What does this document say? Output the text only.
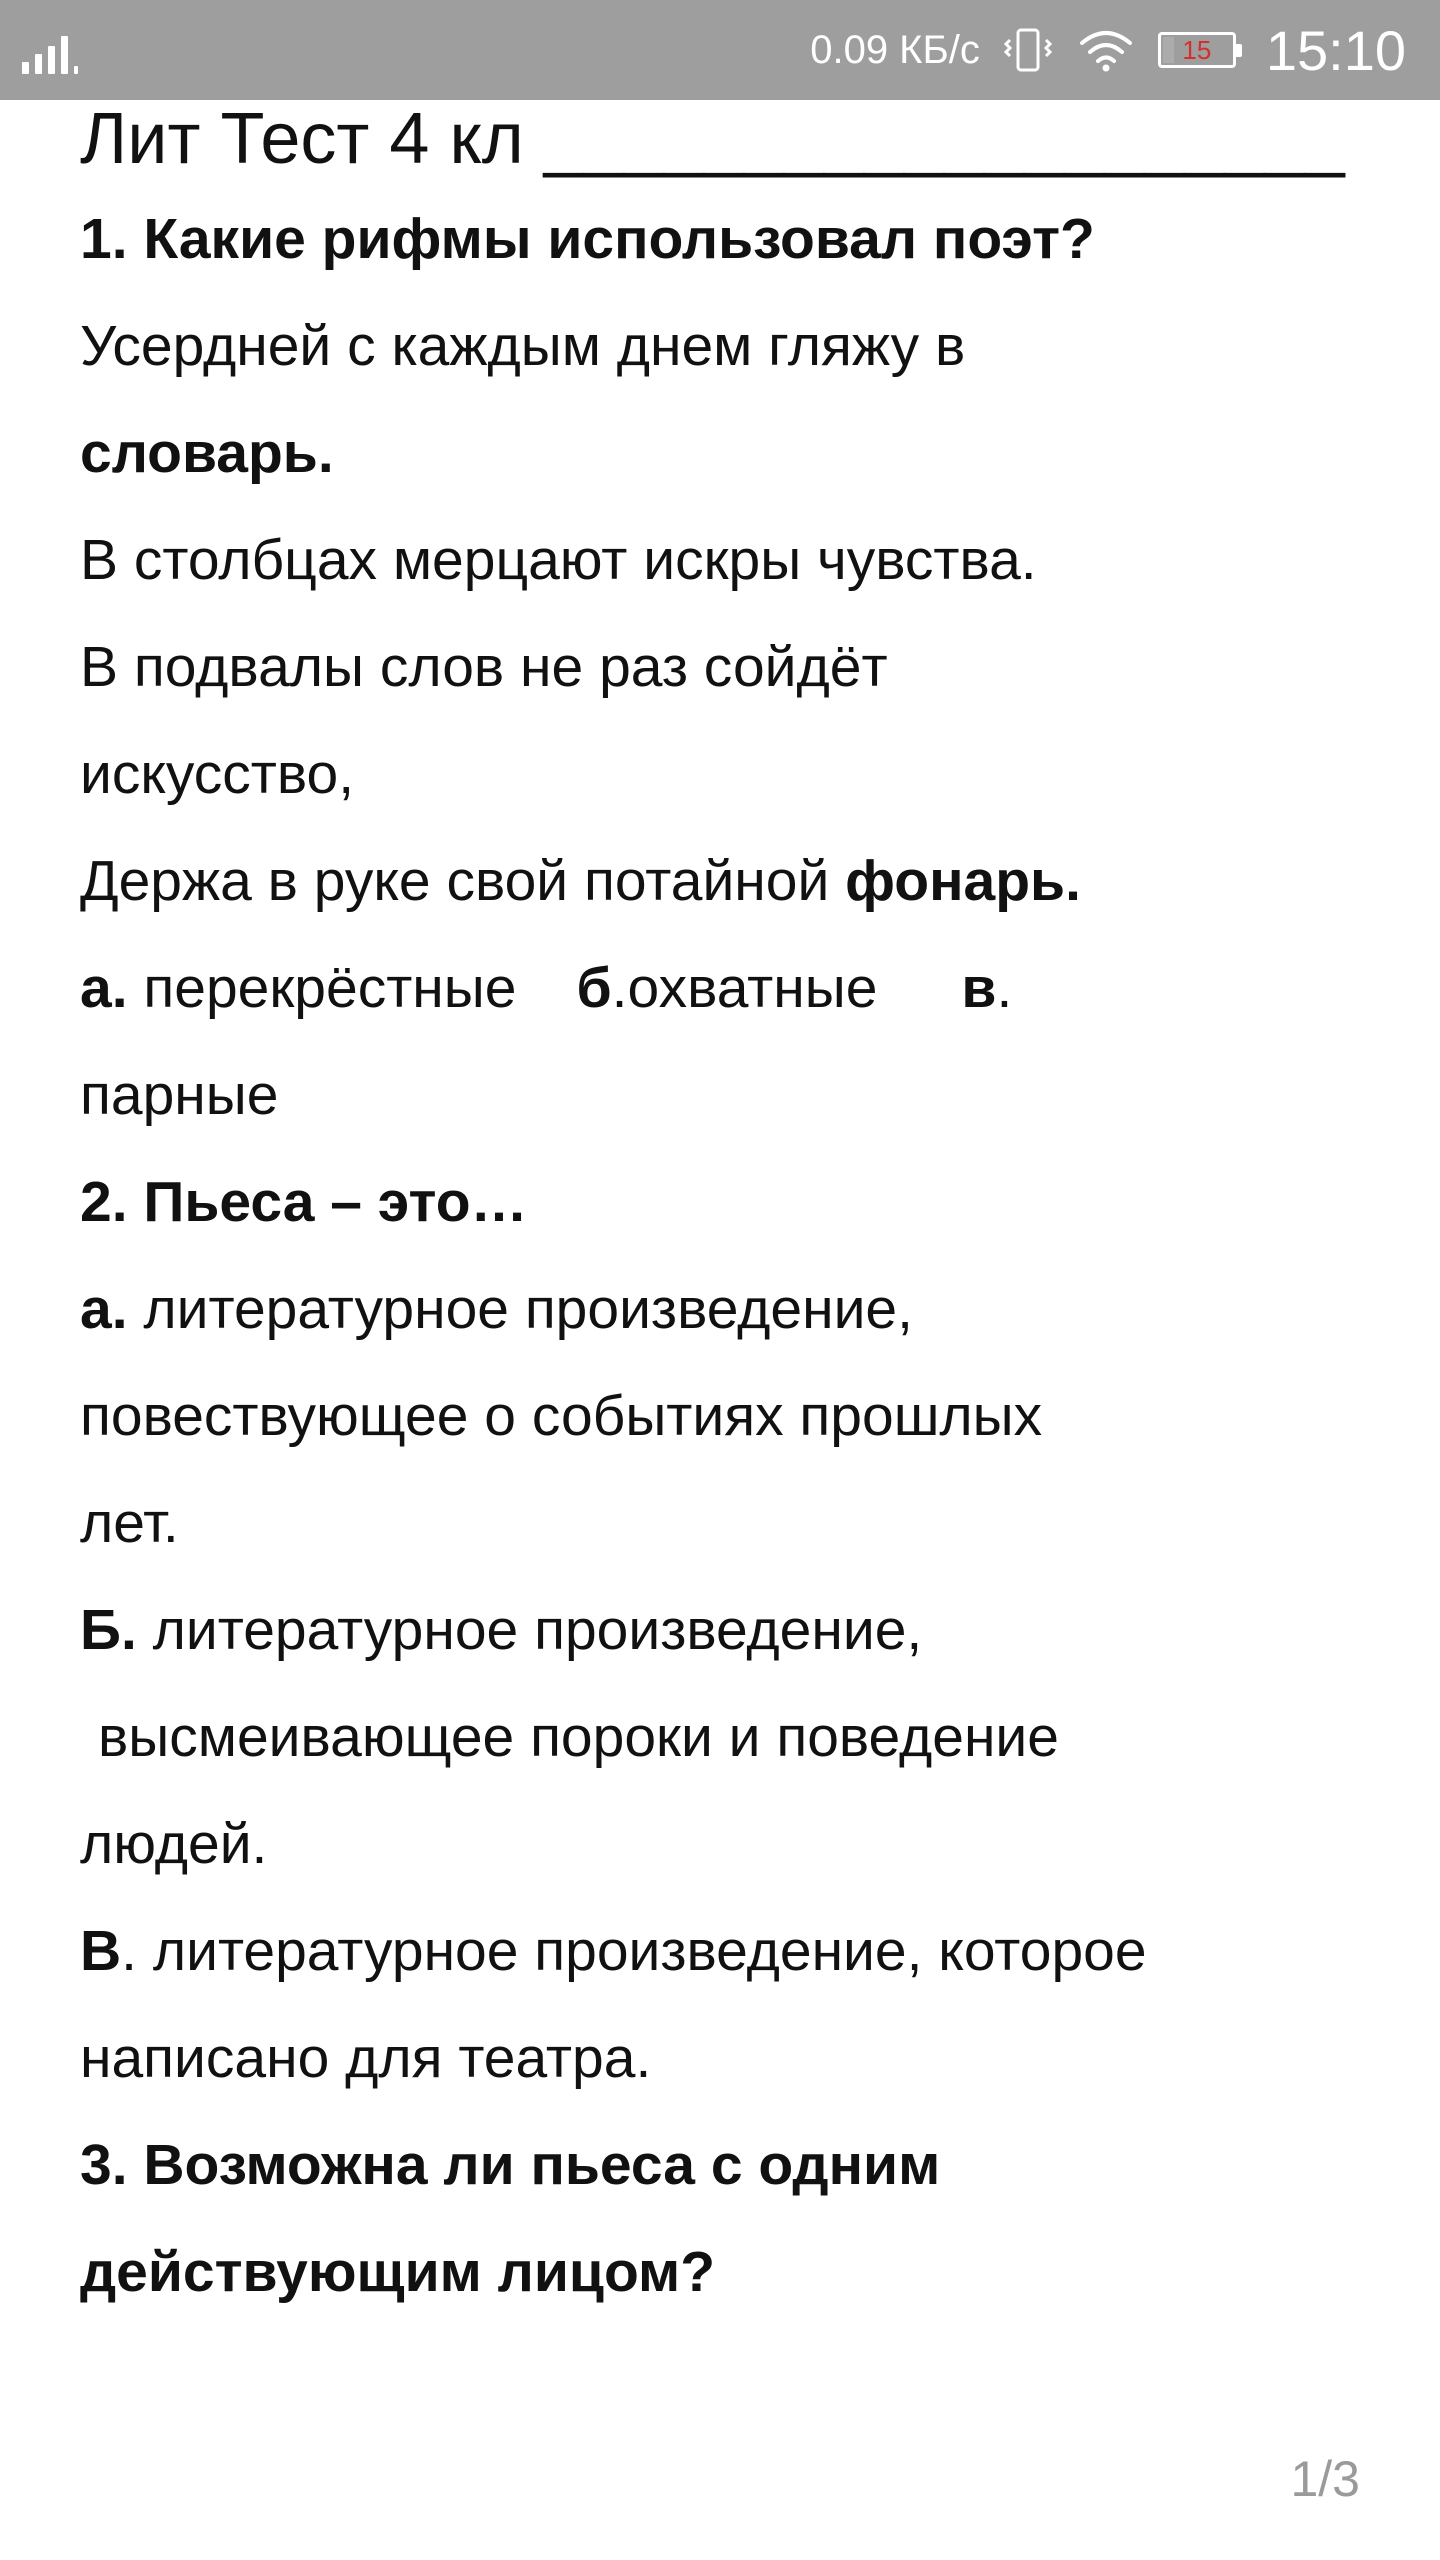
0.09 КБ/с	15 15:10
Лит Тест 4 кл ____________________
1. Какие рифмы использовал поэт?
Усердней с каждым днем гляжу в
словарь.
В столбцах мерцают искры чувства.
В подвалы слов не раз сойдёт
искусство,
Держа в руке свой потайной фонарь.
а. перекрёстные б.охватные в.
парные
2. Пьеса – это…
а. литературное произведение,
повествующее о событиях прошлых
лет.
Б. литературное произведение,
высмеивающее пороки и поведение
людей.
В. литературное произведение, которое
написано для театра.
3. Возможна ли пьеса с одним
действующим лицом?
1/3
